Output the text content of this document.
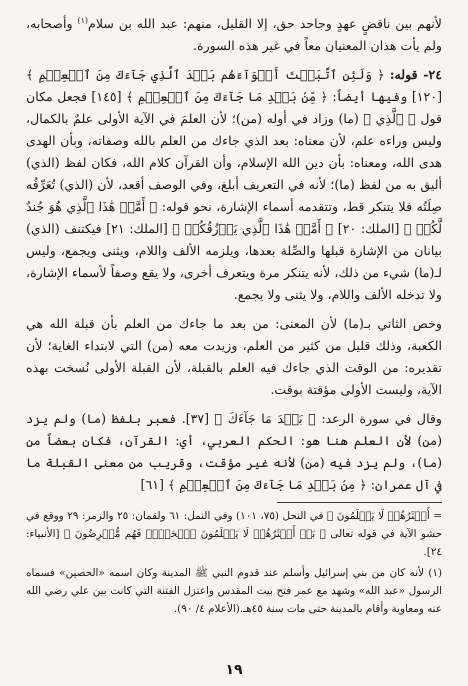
لأنهم بين ناقضٍ عهدٍ وجاحد حق، إلا القليل، منهم: عبد الله بن سلام$^{(١)}$ وأصحابه، ولم يأت هذان المعنيان معاً في غير هذه السورة.

٢٤- قوله: ﴿ وَلَئِنِ ٱتَّبَعۡتَ أَهۡوَآءَهُم بَعۡدَ ٱلَّذِي جَآءَكَ مِنَ ٱلۡعِلۡمِ ﴾ [١٢٠] وفيها أيضاً: ﴿ مِّنۢ بَعۡدِ مَا جَآءَكَ مِنَ ٱلۡعِلۡمِ ﴾ [١٤٥] فجعل مكان قول ﴿ ٱلَّذِي ﴾ (ما) وزاد في أوله (من)؛ لأن العلمَ في الآية الأولى علمٌ بالكمال، وليس وراءه علم، لأن معناه: بعد الذي جاءك من العلم بالله وصفاته، وبأن الهدى هدى الله، ومعناه: بأن دين الله الإسلام، وأن القرآن كلام الله، فكان لفظ (الذي) أليق به من لفظ (ما)؛ لأنه في التعريف أبلغ، وفي الوصف أقعد، لأن (الذي) تُعَرِّفُه صِلَتُه فلا يتنكر قط، وتتقدمه أسماء الإشارة، نحو قوله: ﴿ أَمَّنۡ هَٰذَا ٱلَّذِي هُوَ جُندٌ لَّكُمۡ ﴾ [الملك: ٢٠] ﴿ أَمَّنۡ هَٰذَا ٱلَّذِي يَرۡزُقُكُمۡ ﴾ [الملك: ٢١] فيكتنف (الذي) بيانان من الإشارة قبلها والصِّلة بعدها، ويلزمه الألف واللام، ويثنى ويجمع، وليس لـ(ما) شيء من ذلك، لأنه يتنكر مرة ويتعرف أخرى، ولا يقع وصفاً لأسماء الإشارة، ولا تدخله الألف واللام، ولا يثنى ولا يجمع.

وخص الثاني بـ(ما) لأن المعنى: من بعد ما جاءك من العلم بأن قبلة الله هي الكعبة، وذلك قليل من كثير من العلم، وزيدت معه (من) التي لابتداء الغاية؛ لأن تقديره: من الوقت الذي جاءك فيه العلم بالقبلة، لأن القبلة الأولى نُسخت بهذه الآية، وليست الأولى مؤقتة بوقت.

وقال في سورة الرعد: ﴿ بَعۡدَ مَا جَآءَكَ ﴾ [٣٧]. فعبر بلفظ (ما) ولم يزد (من) لأن العلم هنا هو: الحكم العربي، أي: القرآن، فكان بعضاً من (ما)، ولم يزد فيه (من) لأنه غير مؤقت، وقريب من معنى القبلة ما في آل عمران: ﴿ مِنۢ بَعۡدِ مَا جَآءَكَ مِنَ ٱلۡعِلۡمِ ﴾ [٦١]

= أَكۡثَرُهُمۡ لَا يَعۡلَمُونَ ﴾ في النحل (٧٥، ١٠١) وفي النمل: ٦١ ولقمان: ٢٥ والزمر: ٢٩ ووقع في حشو الآية في قوله تعالى ﴿ بَلۡ أَكۡثَرُهُمۡ لَا يَعۡلَمُونَ ٱلۡحَقَّۖ فَهُم مُّعۡرِضُونَ ﴾ [الأنبياء: ٢٤].

(١) لأنه كان من بني إسرائيل وأسلم عند قدوم النبي ﷺ المدينة وكان اسمه «الحصين» فسماه الرسول «عبد الله» وشهد مع عمر فتح بيت المقدس واعتزل الفتنة التي كانت بين علي رضي الله عنه ومعاوية وأقام بالمدينة حتى مات سنة ٤٥هـ.(الأعلام ٤/ ٩٠).

١٩
